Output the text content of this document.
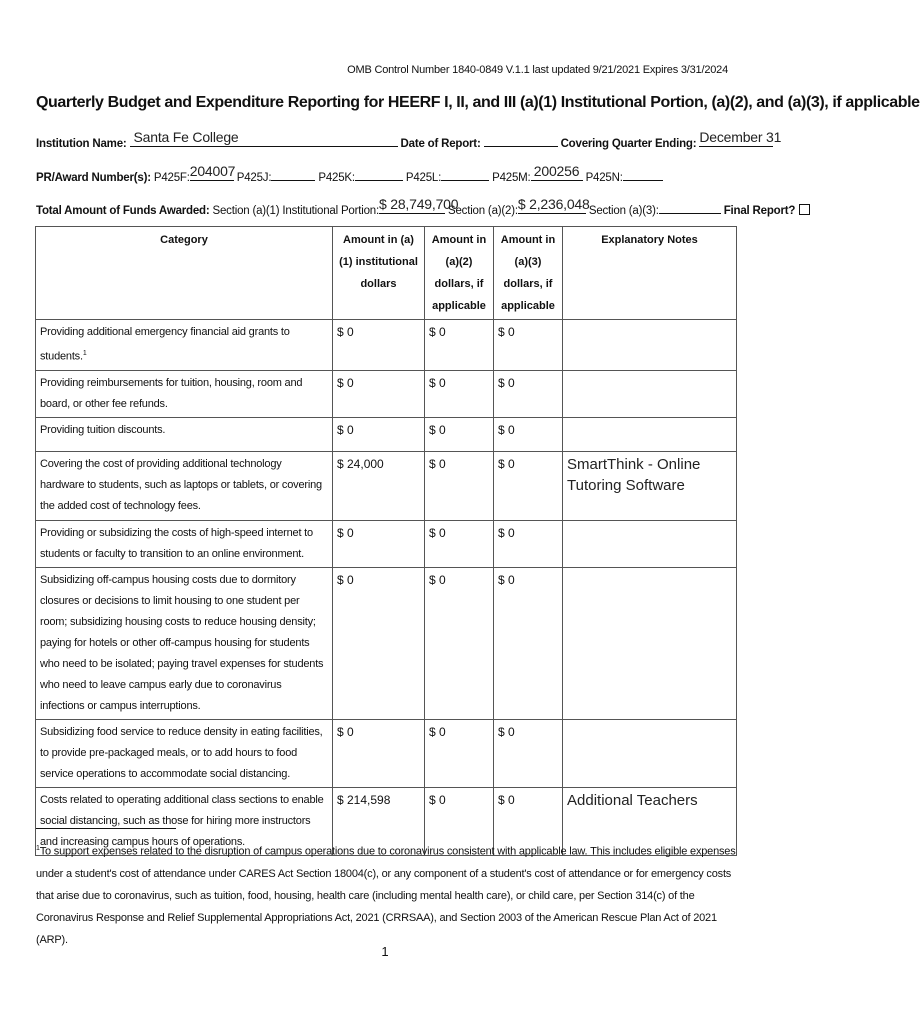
OMB Control Number 1840-0849 V.1.1 last updated 9/21/2021 Expires 3/31/2024
Quarterly Budget and Expenditure Reporting for HEERF I, II, and III (a)(1) Institutional Portion, (a)(2), and (a)(3), if applicable
Institution Name: Santa Fe College	Date of Report:	Covering Quarter Ending: December 31
PR/Award Number(s): P425F: 204007 P425J:	P425K:	P425L:	P425M: 200256 P425N:
Total Amount of Funds Awarded: Section (a)(1) Institutional Portion: $ 28,749,700
Section (a)(2): $ 2,236,048 Section (a)(3):	Final Report?
Category	Amount in (a)(1) institutional dollars	Amount in (a)(2) dollars, if applicable	Amount in (a)(3) dollars, if applicable	Explanatory Notes
Providing additional emergency financial aid grants to students.$^1$	$ 0	$ 0	$ 0	
Providing reimbursements for tuition, housing, room and board, or other fee refunds.	$ 0	$ 0	$ 0	
Providing tuition discounts.	$ 0	$ 0	$ 0	
Covering the cost of providing additional technology hardware to students, such as laptops or tablets, or covering the added cost of technology fees.	$ 24,000	$ 0	$ 0	SmartThink - Online Tutoring Software
Providing or subsidizing the costs of high-speed internet to students or faculty to transition to an online environment.	$ 0	$ 0	$ 0	
Subsidizing off-campus housing costs due to dormitory closures or decisions to limit housing to one student per room; subsidizing housing costs to reduce housing density; paying for hotels or other off-campus housing for students who need to be isolated; paying travel expenses for students who need to leave campus early due to coronavirus infections or campus interruptions.	$ 0	$ 0	$ 0	
Subsidizing food service to reduce density in eating facilities, to provide pre-packaged meals, or to add hours to food service operations to accommodate social distancing.	$ 0	$ 0	$ 0	
Costs related to operating additional class sections to enable social distancing, such as those for hiring more instructors and increasing campus hours of operations.	$ 214,598	$ 0	$ 0	Additional Teachers
$^1$To support expenses related to the disruption of campus operations due to coronavirus consistent with applicable law. This includes eligible expenses under a student's cost of attendance under CARES Act Section 18004(c), or any component of a student's cost of attendance or for emergency costs that arise due to coronavirus, such as tuition, food, housing, health care (including mental health care), or child care, per Section 314(c) of the Coronavirus Response and Relief Supplemental Appropriations Act, 2021 (CRRSAA), and Section 2003 of the American Rescue Plan Act of 2021 (ARP).
1
